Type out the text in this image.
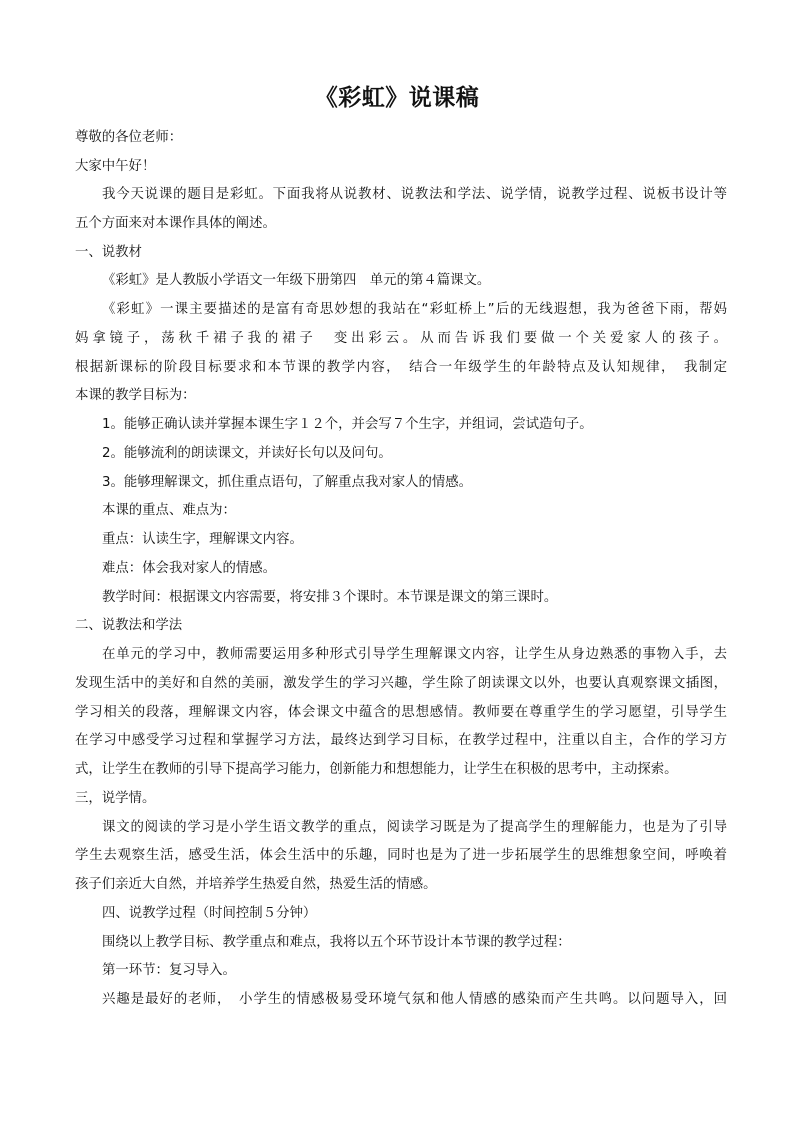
《彩虹》说课稿
尊敬的各位老师：
大家中午好！
我今天说课的题目是彩虹。下面我将从说教材、说教法和学法、说学情，说教学过程、说板书设计等
五个方面来对本课作具体的阐述。
一、说教材
《彩虹》是人教版小学语文一年级下册第四　单元的第４篇课文。
《彩虹》一课主要描述的是富有奇思妙想的我站在“彩虹桥上”后的无线遐想，我为爸爸下雨，帮妈
妈拿镜子，荡秋千裙子我的裙子　变出彩云。从而告诉我们要做一个关爱家人的孩子。
根据新课标的阶段目标要求和本节课的教学内容，　结合一年级学生的年龄特点及认知规律，　我制定
本课的教学目标为：
1。能够正确认读并掌握本课生字１２个，并会写７个生字，并组词，尝试造句子。
2。能够流利的朗读课文，并读好长句以及问句。
3。能够理解课文，抓住重点语句，了解重点我对家人的情感。
本课的重点、难点为：
重点：认读生字，理解课文内容。
难点：体会我对家人的情感。
教学时间：根据课文内容需要，将安排３个课时。本节课是课文的第三课时。
二、说教法和学法
在单元的学习中，教师需要运用多种形式引导学生理解课文内容，让学生从身边熟悉的事物入手，去
发现生活中的美好和自然的美丽，激发学生的学习兴趣，学生除了朗读课文以外，也要认真观察课文插图，
学习相关的段落，理解课文内容，体会课文中蕴含的思想感情。教师要在尊重学生的学习愿望，引导学生
在学习中感受学习过程和掌握学习方法，最终达到学习目标，在教学过程中，注重以自主，合作的学习方
式，让学生在教师的引导下提高学习能力，创新能力和想想能力，让学生在积极的思考中，主动探索。
三，说学情。
课文的阅读的学习是小学生语文教学的重点，阅读学习既是为了提高学生的理解能力，也是为了引导
学生去观察生活，感受生活，体会生活中的乐趣，同时也是为了进一步拓展学生的思维想象空间，呼唤着
孩子们亲近大自然，并培养学生热爱自然，热爱生活的情感。
四、说教学过程（时间控制５分钟）
围绕以上教学目标、教学重点和难点，我将以五个环节设计本节课的教学过程：
第一环节：复习导入。
兴趣是最好的老师，　小学生的情感极易受环境气氛和他人情感的感染而产生共鸣。以问题导入，回
